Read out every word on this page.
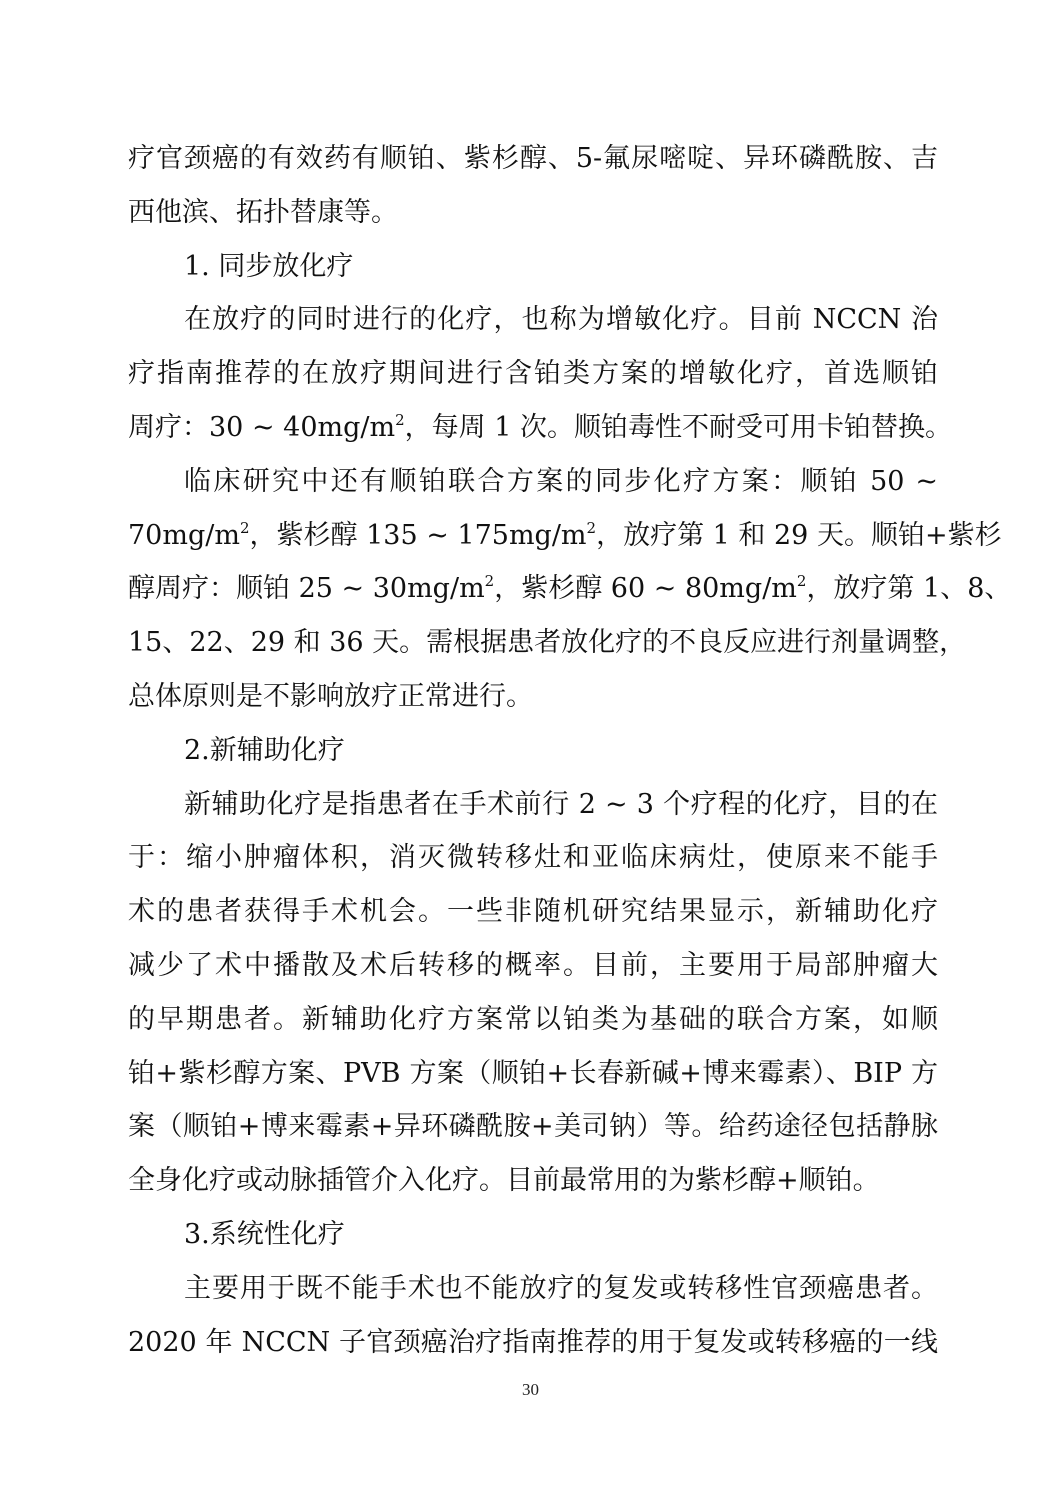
疗官颈癌的有效药有顺铂、紫杉醇、5-氟尿嘧啶、异环磷酰胺、吉
西他滨、拓扑替康等。
1. 同步放化疗
在放疗的同时进行的化疗，也称为增敏化疗。目前 NCCN 治
疗指南推荐的在放疗期间进行含铂类方案的增敏化疗，首选顺铂
周疗：30 ~ $40mg/m^2$，每周 1 次。顺铂毒性不耐受可用卡铂替换。
临床研究中还有顺铂联合方案的同步化疗方案：顺铂 50 ~
$70mg/m^2$，紫杉醇 135 ~ $175mg/m^2$，放疗第 1 和 29 天。顺铂+紫杉
醇周疗：顺铂 25 ~ $30mg/m^2$，紫杉醇 60 ~ $80mg/m^2$，放疗第 1、8、
15、22、29 和 36 天。需根据患者放化疗的不良反应进行剂量调整，
总体原则是不影响放疗正常进行。
2.新辅助化疗
新辅助化疗是指患者在手术前行 2 ~ 3 个疗程的化疗，目的在
于：缩小肿瘤体积，消灭微转移灶和亚临床病灶，使原来不能手
术的患者获得手术机会。一些非随机研究结果显示，新辅助化疗
减少了术中播散及术后转移的概率。目前，主要用于局部肿瘤大
的早期患者。新辅助化疗方案常以铂类为基础的联合方案，如顺
铂+紫杉醇方案、PVB 方案（顺铂+长春新碱+博来霉素）、BIP 方
案（顺铂+博来霉素+异环磷酰胺+美司钠）等。给药途径包括静脉
全身化疗或动脉插管介入化疗。目前最常用的为紫杉醇+顺铂。
3.系统性化疗
主要用于既不能手术也不能放疗的复发或转移性官颈癌患者。
2020 年 NCCN 子官颈癌治疗指南推荐的用于复发或转移癌的一线
30
